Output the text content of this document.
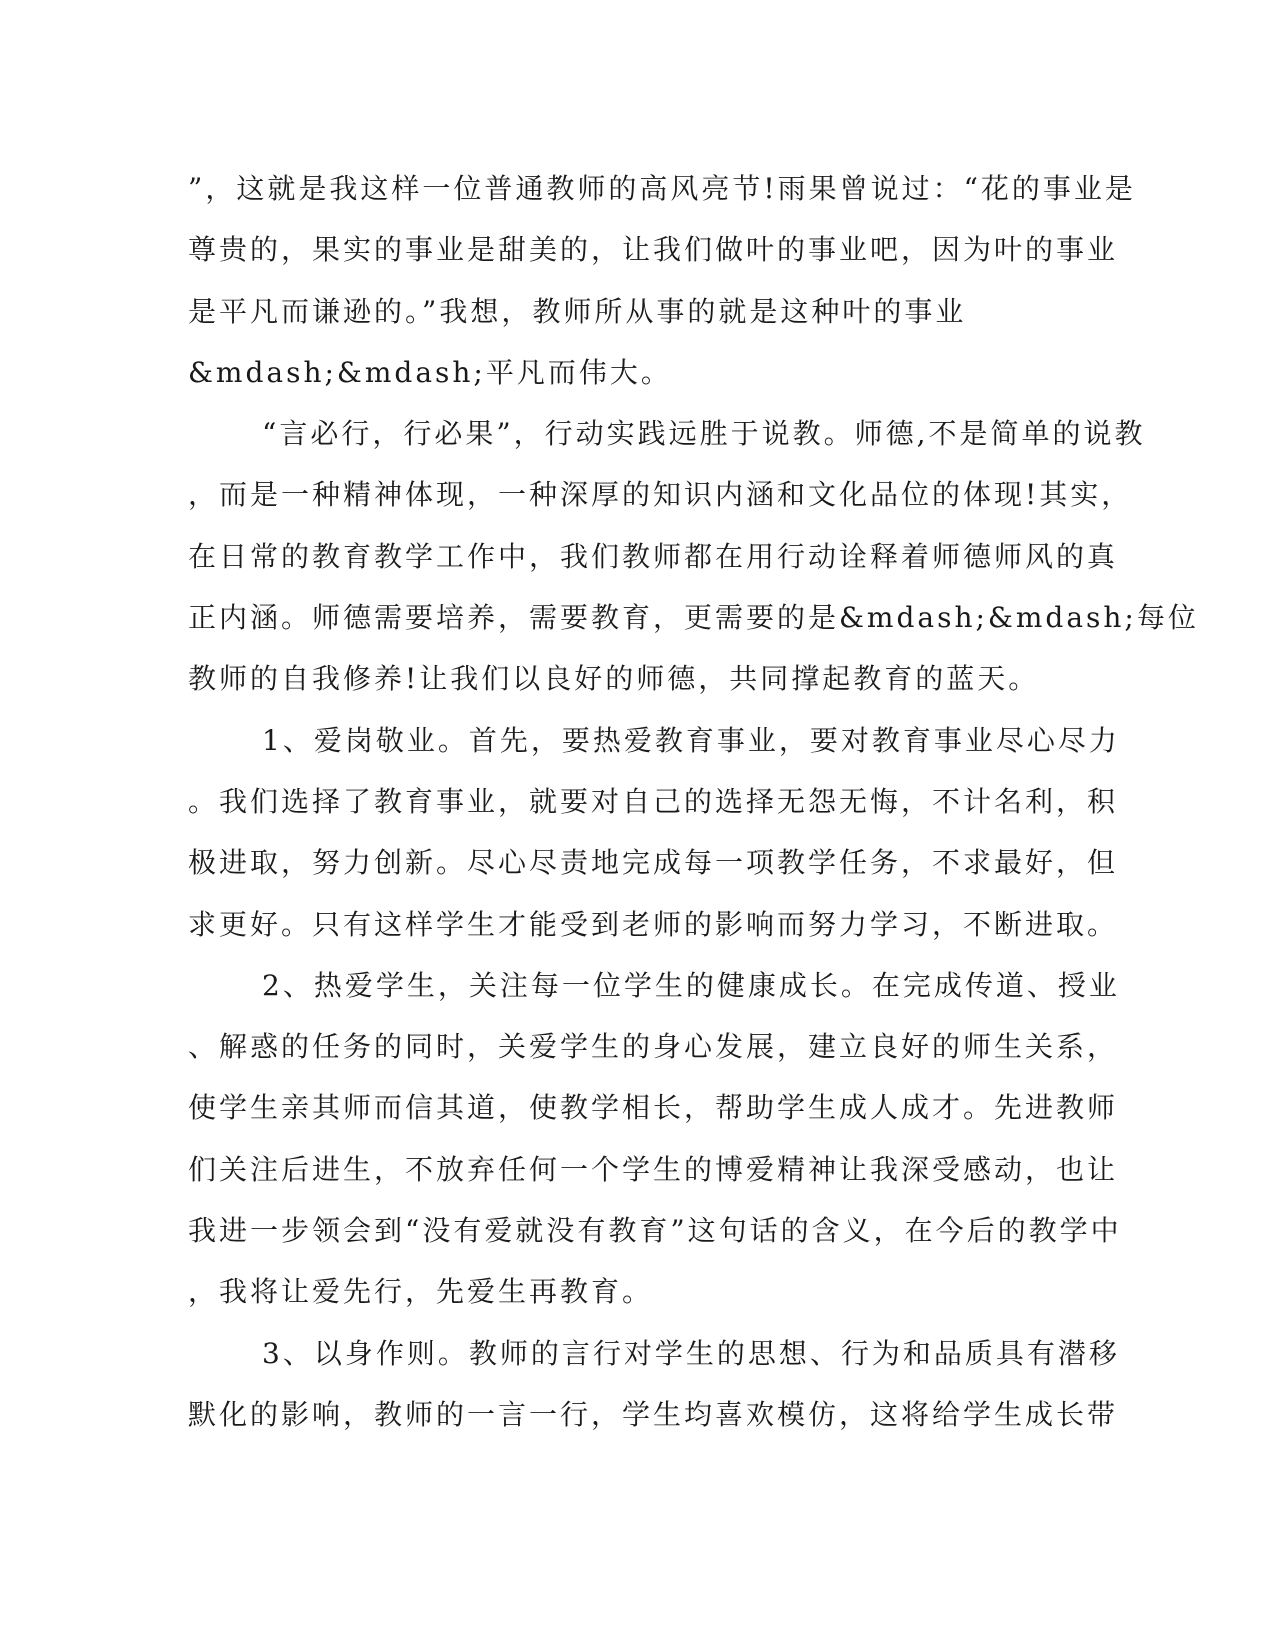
”，这就是我这样一位普通教师的高风亮节!雨果曾说过：“花的事业是
尊贵的，果实的事业是甜美的，让我们做叶的事业吧，因为叶的事业
是平凡而谦逊的。”我想，教师所从事的就是这种叶的事业
&mdash;&mdash;平凡而伟大。
“言必行，行必果”，行动实践远胜于说教。师德,不是简单的说教
，而是一种精神体现，一种深厚的知识内涵和文化品位的体现!其实，
在日常的教育教学工作中，我们教师都在用行动诠释着师德师风的真
正内涵。师德需要培养，需要教育，更需要的是&mdash;&mdash;每位
教师的自我修养!让我们以良好的师德，共同撑起教育的蓝天。
1、爱岗敬业。首先，要热爱教育事业，要对教育事业尽心尽力
。我们选择了教育事业，就要对自己的选择无怨无悔，不计名利，积
极进取，努力创新。尽心尽责地完成每一项教学任务，不求最好，但
求更好。只有这样学生才能受到老师的影响而努力学习，不断进取。
2、热爱学生，关注每一位学生的健康成长。在完成传道、授业
、解惑的任务的同时，关爱学生的身心发展，建立良好的师生关系，
使学生亲其师而信其道，使教学相长，帮助学生成人成才。先进教师
们关注后进生，不放弃任何一个学生的博爱精神让我深受感动，也让
我进一步领会到“没有爱就没有教育”这句话的含义，在今后的教学中
，我将让爱先行，先爱生再教育。
3、以身作则。教师的言行对学生的思想、行为和品质具有潜移
默化的影响，教师的一言一行，学生均喜欢模仿，这将给学生成长带
